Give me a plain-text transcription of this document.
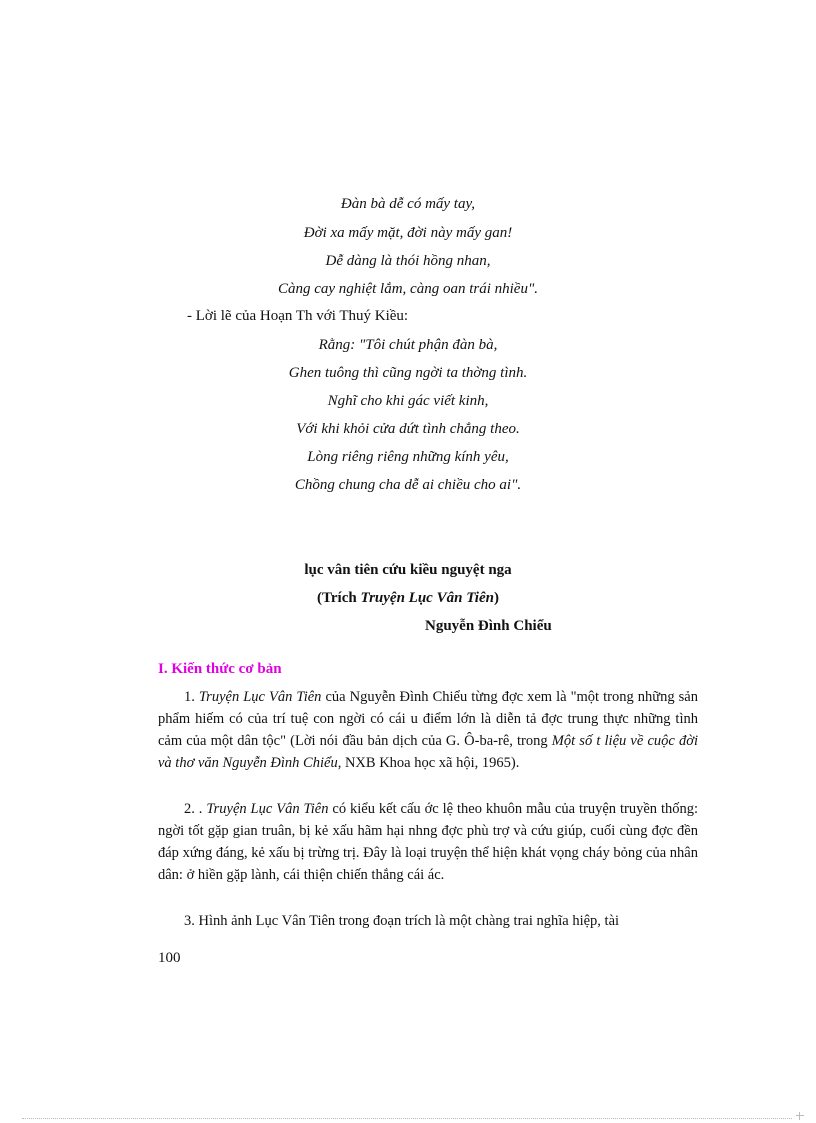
Đàn bà dễ có mấy tay,
Đời xa mấy mặt, đời này mấy gan!
Dễ dàng là thói hồng nhan,
Càng cay nghiệt lắm, càng oan trái nhiều".
- Lời lẽ của Hoạn Th với Thuý Kiều:
Rằng: "Tôi chút phận đàn bà,
Ghen tuông thì cũng ngời ta thờng tình.
Nghĩ cho khi gác viết kinh,
Với khi khỏi cửa dứt tình chẳng theo.
Lòng riêng riêng những kính yêu,
Chồng chung cha dễ ai chiều cho ai".
lục vân tiên cứu kiều nguyệt nga
(Trích Truyện Lục Vân Tiên)
Nguyễn Đình Chiểu
I. Kiến thức cơ bản

1. Truyện Lục Vân Tiên của Nguyễn Đình Chiểu từng đợc xem là "một trong những sản phẩm hiếm có của trí tuệ con ngời có cái u điểm lớn là diễn tả đợc trung thực những tình cảm của một dân tộc" (Lời nói đầu bản dịch của G. Ô-ba-rê, trong Một số t liệu về cuộc đời và thơ văn Nguyễn Đình Chiểu, NXB Khoa học xã hội, 1965).

2. . Truyện Lục Vân Tiên có kiểu kết cấu ớc lệ theo khuôn mẫu của truyện truyền thống: ngời tốt gặp gian truân, bị kẻ xấu hãm hại nhng đợc phù trợ và cứu giúp, cuối cùng đợc đền đáp xứng đáng, kẻ xấu bị trừng trị. Đây là loại truyện thể hiện khát vọng cháy bỏng của nhân dân: ở hiền gặp lành, cái thiện chiến thắng cái ác.

3. Hình ảnh Lục Vân Tiên trong đoạn trích là một chàng trai nghĩa hiệp, tài

100
